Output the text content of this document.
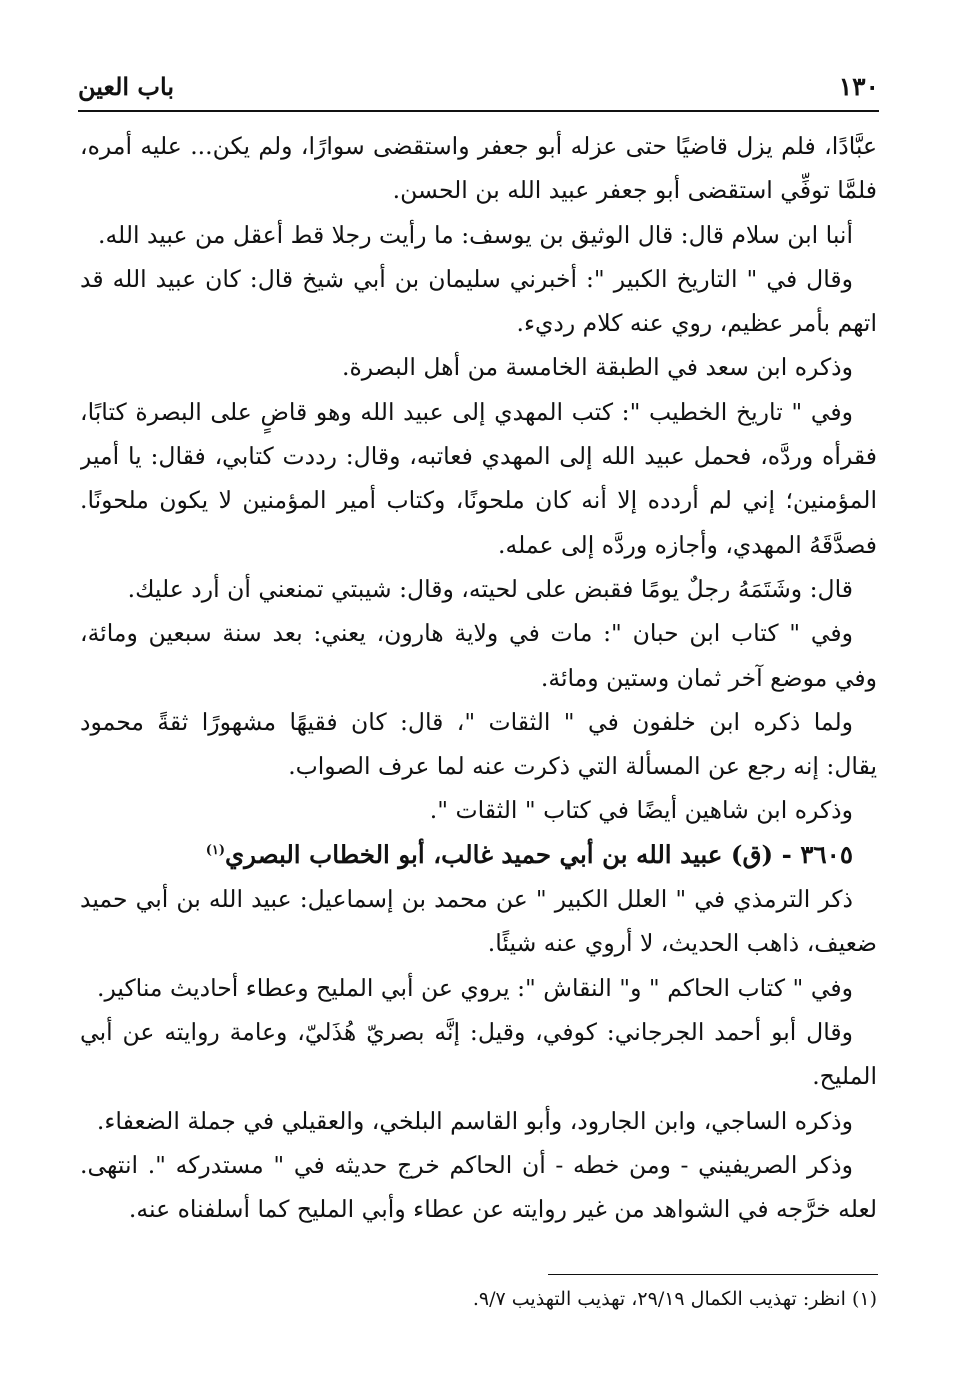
١٣٠
باب العين
عبَّادًا، فلم يزل قاضيًا حتى عزله أبو جعفر واستقضى سوارًا، ولم يكن... عليه أمره،
فلمَّا توفِّي استقضى أبو جعفر عبيد الله بن الحسن.
أنبا ابن سلام قال: قال الوثيق بن يوسف: ما رأيت رجلا قط أعقل من عبيد الله.
وقال في " التاريخ الكبير ": أخبرني سليمان بن أبي شيخ قال: كان عبيد الله قد
اتهم بأمر عظيم، روي عنه كلام رديء.
وذكره ابن سعد في الطبقة الخامسة من أهل البصرة.
وفي " تاريخ الخطيب ": كتب المهدي إلى عبيد الله وهو قاضٍ على البصرة كتابًا،
فقرأه وردَّه، فحمل عبيد الله إلى المهدي فعاتبه، وقال: رددت كتابي، فقال: يا أمير
المؤمنين؛ إني لم أردده إلا أنه كان ملحونًا، وكتاب أمير المؤمنين لا يكون ملحونًا.
فصدَّقَهُ المهدي، وأجازه وردَّه إلى عمله.
قال: وشَتَمَهُ رجلٌ يومًا فقبض على لحيته، وقال: شيبتي تمنعني أن أرد عليك.
وفي " كتاب ابن حبان ": مات في ولاية هارون، يعني: بعد سنة سبعين ومائة،
وفي موضع آخر ثمان وستين ومائة.
ولما ذكره ابن خلفون في " الثقات "، قال: كان فقيهًا مشهورًا ثقةً محمود
يقال: إنه رجع عن المسألة التي ذكرت عنه لما عرف الصواب.
وذكره ابن شاهين أيضًا في كتاب " الثقات ".
٣٦٠٥ - (ق) عبيد الله بن أبي حميد غالب، أبو الخطاب البصري$^{(١)}$
ذكر الترمذي في " العلل الكبير " عن محمد بن إسماعيل: عبيد الله بن أبي حميد
ضعيف، ذاهب الحديث، لا أروي عنه شيئًا.
وفي " كتاب الحاكم " و" النقاش ": يروي عن أبي المليح وعطاء أحاديث مناكير.
وقال أبو أحمد الجرجاني: كوفي، وقيل: إنَّه بصريّ هُذَليّ، وعامة روايته عن أبي
المليح.
وذكره الساجي، وابن الجارود، وأبو القاسم البلخي، والعقيلي في جملة الضعفاء.
وذكر الصريفيني - ومن خطه - أن الحاكم خرج حديثه في " مستدركه ". انتهى.
لعله خرَّجه في الشواهد من غير روايته عن عطاء وأبي المليح كما أسلفناه عنه.
(١) انظر: تهذيب الكمال ٢٩/١٩، تهذيب التهذيب ٩/٧.
